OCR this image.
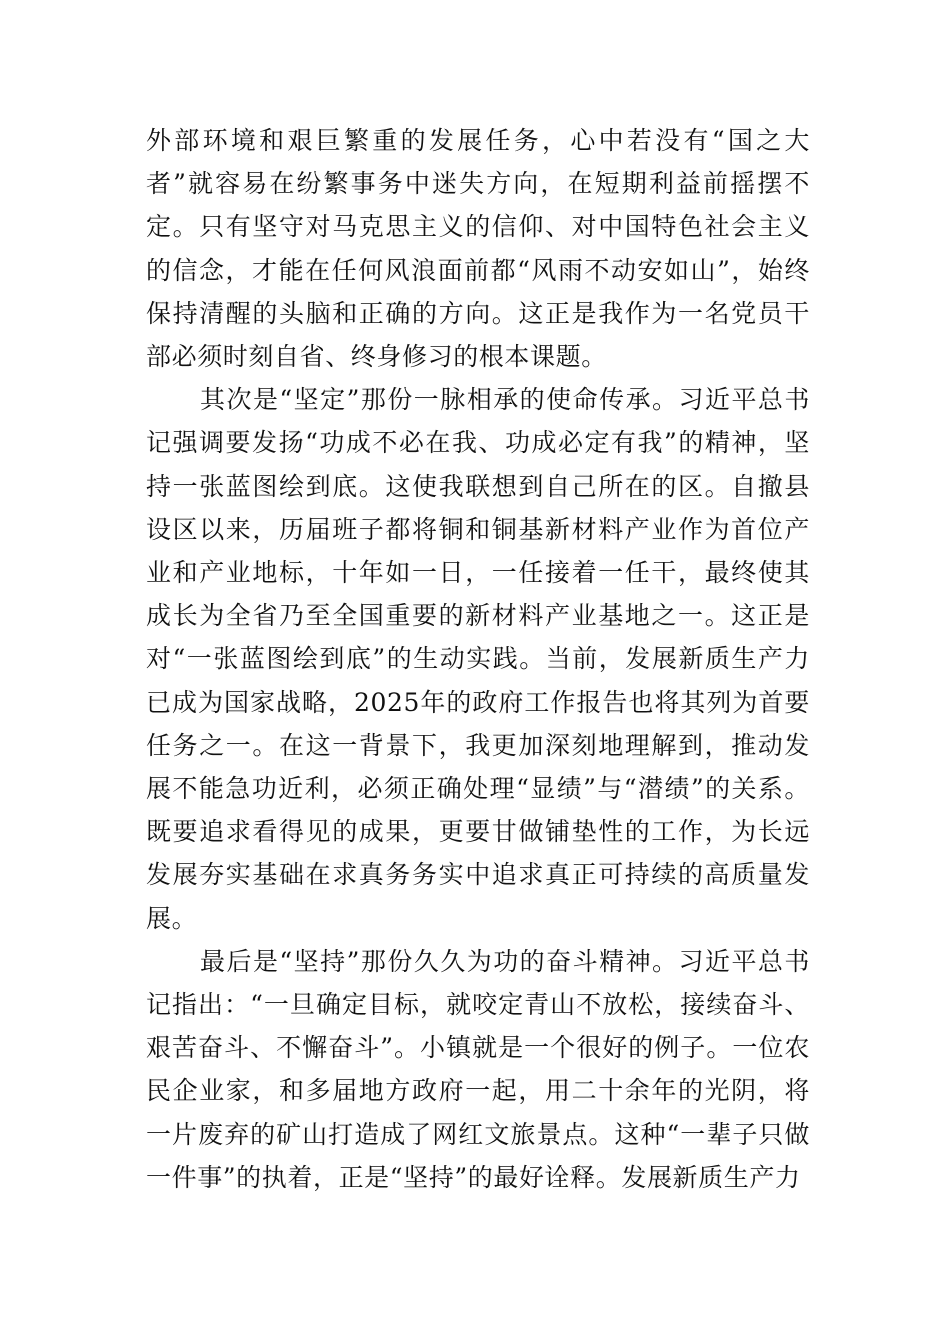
外部环境和艰巨繁重的发展任务，心中若没有“国之大者”就容易在纷繁事务中迷失方向，在短期利益前摇摆不定。只有坚守对马克思主义的信仰、对中国特色社会主义的信念，才能在任何风浪面前都“风雨不动安如山”，始终保持清醒的头脑和正确的方向。这正是我作为一名党员干部必须时刻自省、终身修习的根本课题。

其次是“坚定”那份一脉相承的使命传承。习近平总书记强调要发扬“功成不必在我、功成必定有我”的精神，坚持一张蓝图绘到底。这使我联想到自己所在的区。自撤县设区以来，历届班子都将铜和铜基新材料产业作为首位产业和产业地标，十年如一日，一任接着一任干，最终使其成长为全省乃至全国重要的新材料产业基地之一。这正是对“一张蓝图绘到底”的生动实践。当前，发展新质生产力已成为国家战略，2025年的政府工作报告也将其列为首要任务之一。在这一背景下，我更加深刻地理解到，推动发展不能急功近利，必须正确处理“显绩”与“潜绩”的关系。既要追求看得见的成果，更要甘做铺垫性的工作，为长远发展夯实基础在求真务务实中追求真正可持续的高质量发展。

最后是“坚持”那份久久为功的奋斗精神。习近平总书记指出：“一旦确定目标，就咬定青山不放松，接续奋斗、艰苦奋斗、不懈奋斗”。小镇就是一个很好的例子。一位农民企业家，和多届地方政府一起，用二十余年的光阴，将一片废弃的矿山打造成了网红文旅景点。这种“一辈子只做一件事”的执着，正是“坚持”的最好诠释。发展新质生产力
